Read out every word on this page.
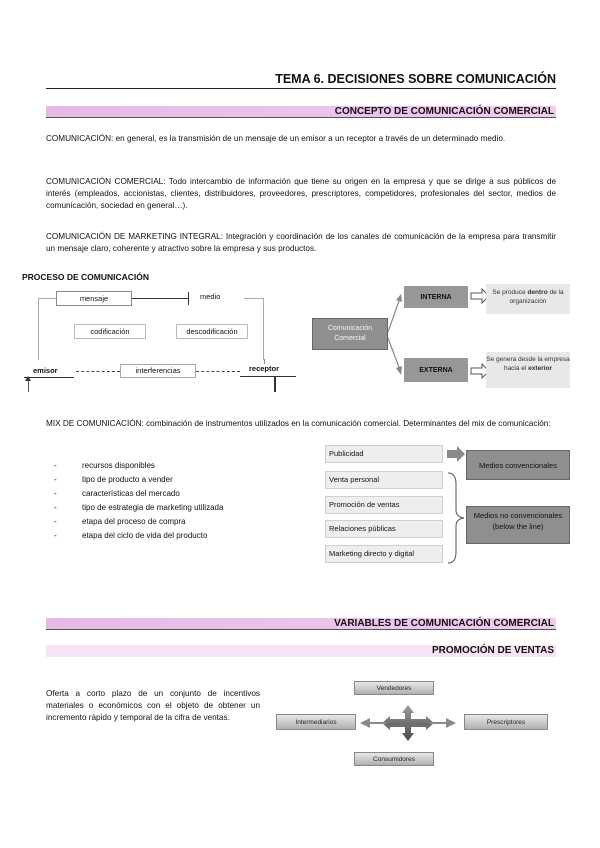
TEMA 6. DECISIONES SOBRE COMUNICACIÓN
CONCEPTO DE COMUNICACIÓN COMERCIAL
COMUNICACIÓN: en general, es la transmisión de un mensaje de un emisor a un receptor a través de un determinado medio.
COMUNICACIÓN COMERCIAL: Todo intercambio de información que tiene su origen en la empresa y que se dirige a sus públicos de interés (empleados, accionistas, clientes, distribuidores, proveedores, prescriptores, competidores, profesionales del sector, medios de comunicación, sociedad en general…).
COMUNICACIÓN DE MARKETING INTEGRAL: Integración y coordinación de los canales de comunicación de la empresa para transmitir un mensaje claro, coherente y atractivo sobre la empresa y sus productos.
PROCESO DE COMUNICACIÓN
mensaje	medio
codificación	descodificación
emisor	interferencias	receptor
Comunicación Comercial
INTERNA
EXTERNA
Se produce dentro de la organización
Se genera desde la empresa hacia el exterior
MIX DE COMUNICACIÓN: combinación de instrumentos utilizados en la comunicación comercial. Determinantes del mix de comunicación:
- recursos disponibles
- tipo de producto a vender
- características del mercado
- tipo de estrategia de marketing utilizada
- etapa del proceso de compra
- etapa del ciclo de vida del producto
Publicidad
Venta personal
Promoción de ventas
Relaciones públicas
Marketing directo y digital
Medios convencionales
Medios no convencionales (below the line)
VARIABLES DE COMUNICACIÓN COMERCIAL
PROMOCIÓN DE VENTAS
Oferta a corto plazo de un conjunto de incentivos materiales o económicos con el objeto de obtener un incremento rápido y temporal de la cifra de ventas.
Vendedores
Intermediarios	Prescriptores
Consumidores
